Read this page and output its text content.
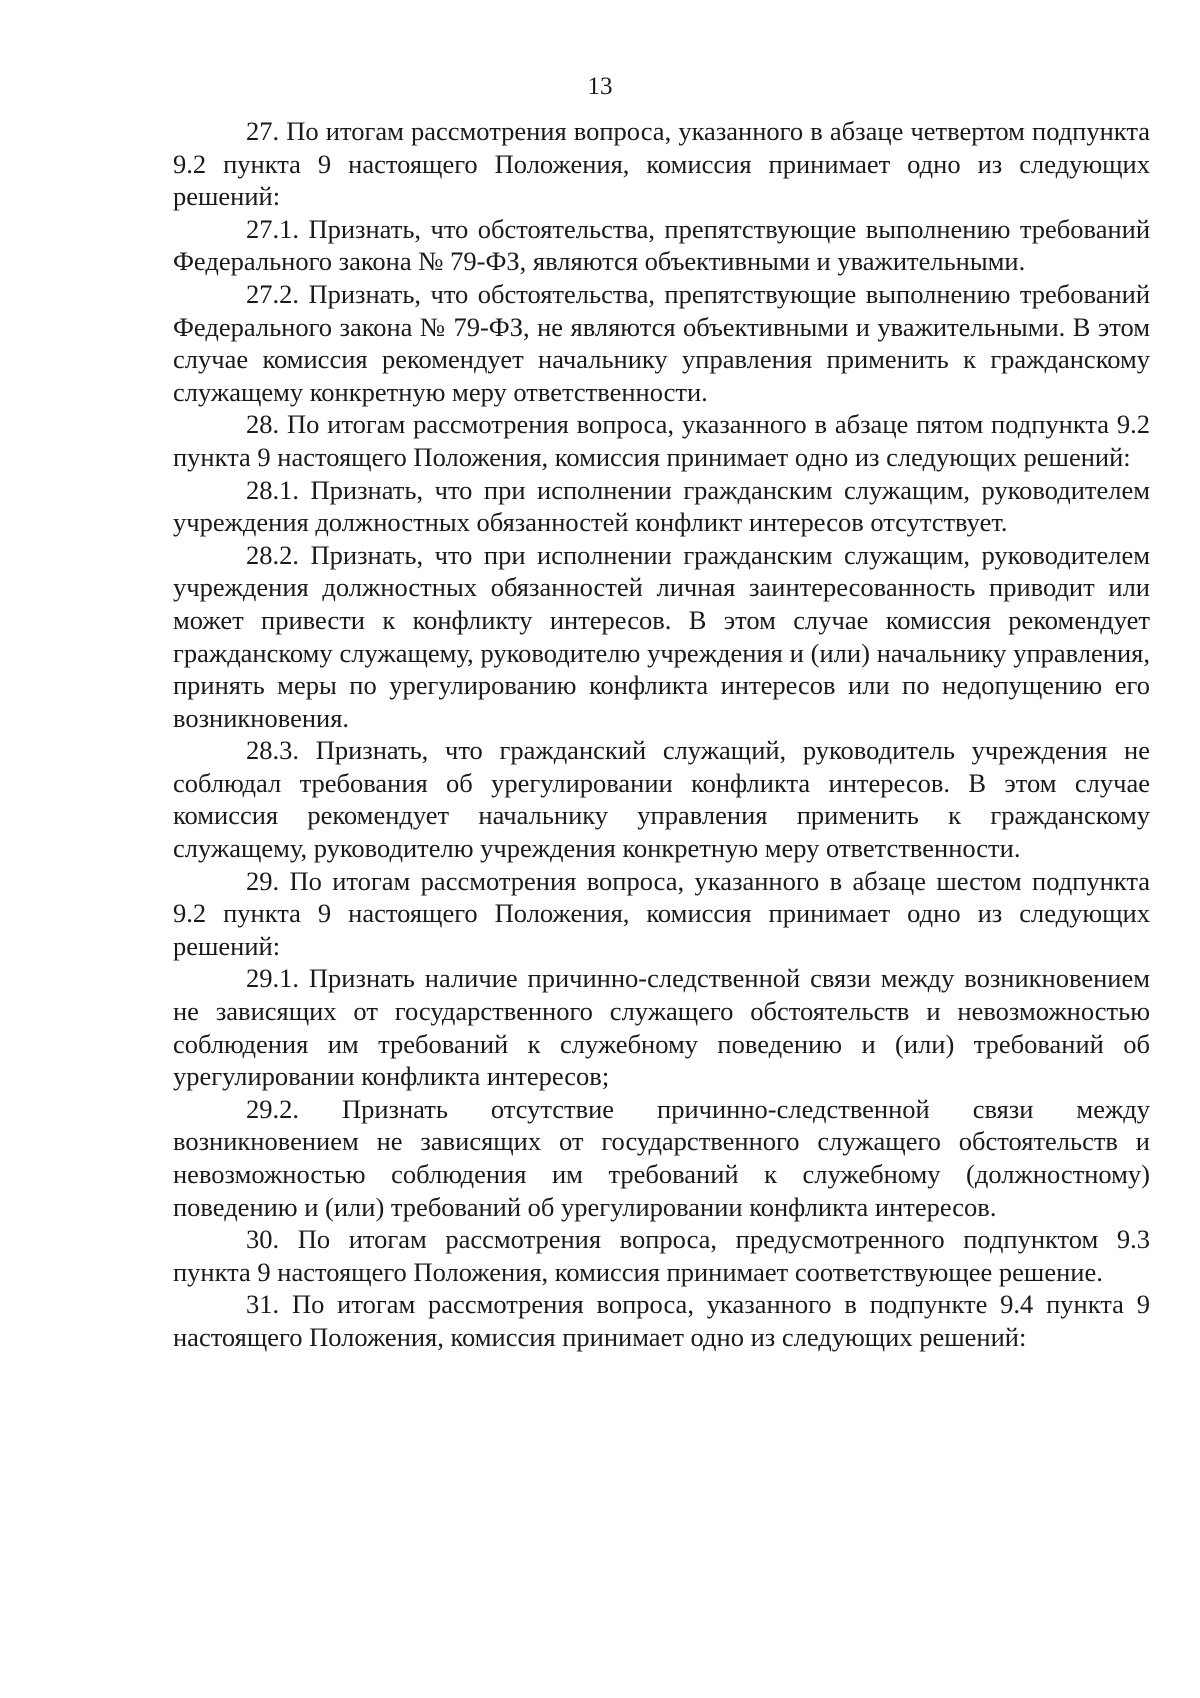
13

27. По итогам рассмотрения вопроса, указанного в абзаце четвертом подпункта 9.2 пункта 9 настоящего Положения, комиссия принимает одно из следующих решений:

27.1. Признать, что обстоятельства, препятствующие выполнению требований Федерального закона № 79-ФЗ, являются объективными и уважительными.

27.2. Признать, что обстоятельства, препятствующие выполнению требований Федерального закона № 79-ФЗ, не являются объективными и уважительными. В этом случае комиссия рекомендует начальнику управления применить к гражданскому служащему конкретную меру ответственности.

28. По итогам рассмотрения вопроса, указанного в абзаце пятом подпункта 9.2 пункта 9 настоящего Положения, комиссия принимает одно из следующих решений:

28.1. Признать, что при исполнении гражданским служащим, руководителем учреждения должностных обязанностей конфликт интересов отсутствует.

28.2. Признать, что при исполнении гражданским служащим, руководителем учреждения должностных обязанностей личная заинтересованность приводит или может привести к конфликту интересов. В этом случае комиссия рекомендует гражданскому служащему, руководителю учреждения и (или) начальнику управления, принять меры по урегулированию конфликта интересов или по недопущению его возникновения.

28.3. Признать, что гражданский служащий, руководитель учреждения не соблюдал требования об урегулировании конфликта интересов. В этом случае комиссия рекомендует начальнику управления применить к гражданскому служащему, руководителю учреждения конкретную меру ответственности.

29. По итогам рассмотрения вопроса, указанного в абзаце шестом подпункта 9.2 пункта 9 настоящего Положения, комиссия принимает одно из следующих решений:

29.1. Признать наличие причинно-следственной связи между возникновением не зависящих от государственного служащего обстоятельств и невозможностью соблюдения им требований к служебному поведению и (или) требований об урегулировании конфликта интересов;

29.2. Признать отсутствие причинно-следственной связи между возникновением не зависящих от государственного служащего обстоятельств и невозможностью соблюдения им требований к служебному (должностному) поведению и (или) требований об урегулировании конфликта интересов.

30. По итогам рассмотрения вопроса, предусмотренного подпунктом 9.3 пункта 9 настоящего Положения, комиссия принимает соответствующее решение.

31. По итогам рассмотрения вопроса, указанного в подпункте 9.4 пункта 9 настоящего Положения, комиссия принимает одно из следующих решений:
